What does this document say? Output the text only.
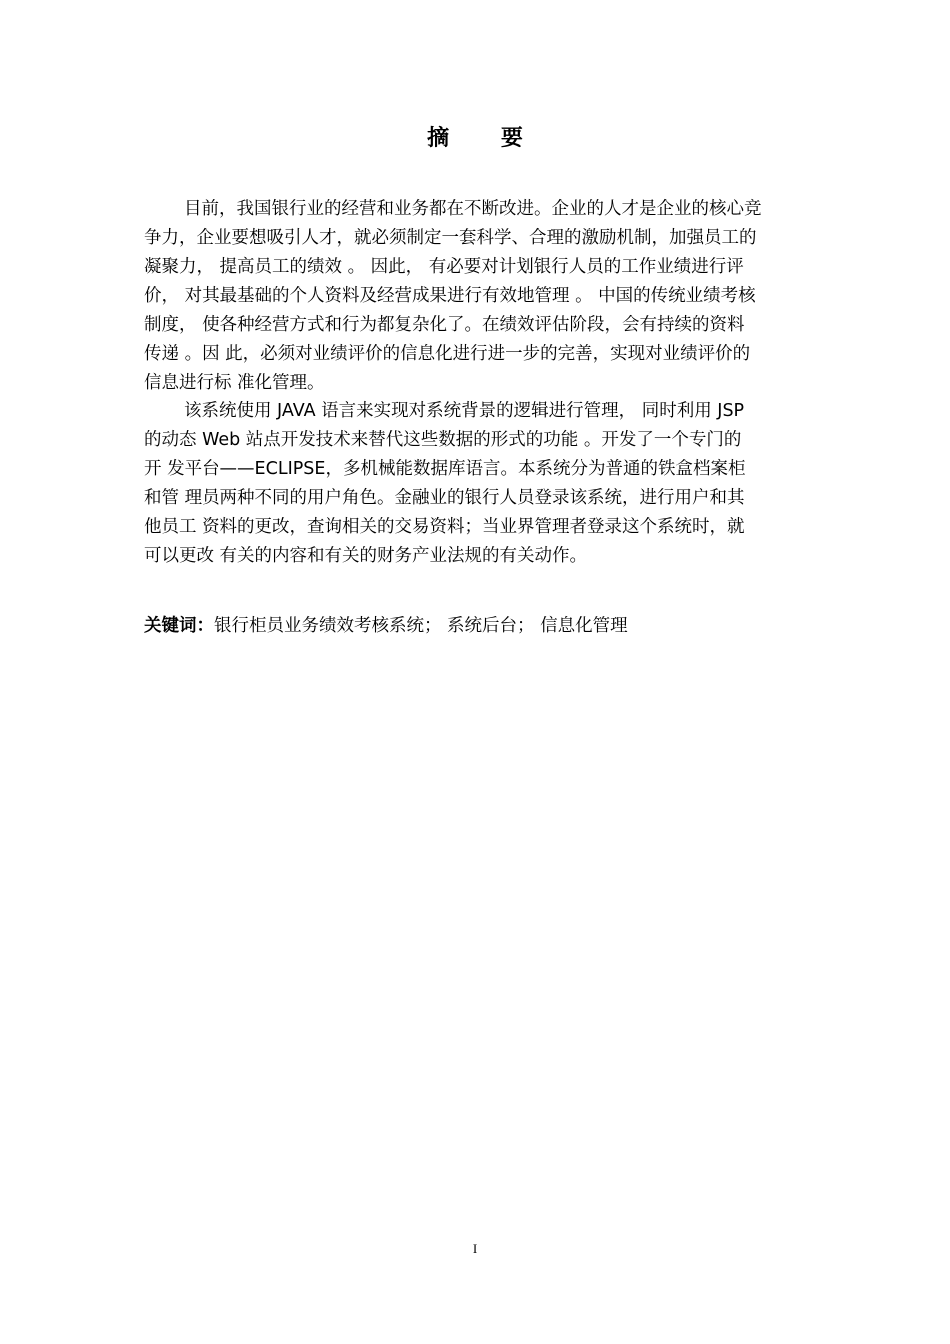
摘 要
目前，我国银行业的经营和业务都在不断改进。企业的人才是企业的核心竞
争力，企业要想吸引人才，就必须制定一套科学、合理的激励机制，加强员工的
凝聚力， 提高员工的绩效 。 因此， 有必要对计划银行人员的工作业绩进行评
价， 对其最基础的个人资料及经营成果进行有效地管理 。 中国的传统业绩考核
制度， 使各种经营方式和行为都复杂化了。在绩效评估阶段，会有持续的资料
传递 。因 此，必须对业绩评价的信息化进行进一步的完善，实现对业绩评价的
信息进行标 准化管理。
该系统使用 JAVA 语言来实现对系统背景的逻辑进行管理， 同时利用 JSP
的动态 Web 站点开发技术来替代这些数据的形式的功能 。开发了一个专门的
开 发平台——ECLIPSE，多机械能数据库语言。本系统分为普通的铁盒档案柜
和管 理员两种不同的用户角色。金融业的银行人员登录该系统，进行用户和其
他员工 资料的更改，查询相关的交易资料；当业界管理者登录这个系统时，就
可以更改 有关的内容和有关的财务产业法规的有关动作。
关键词：银行柜员业务绩效考核系统； 系统后台； 信息化管理
I
